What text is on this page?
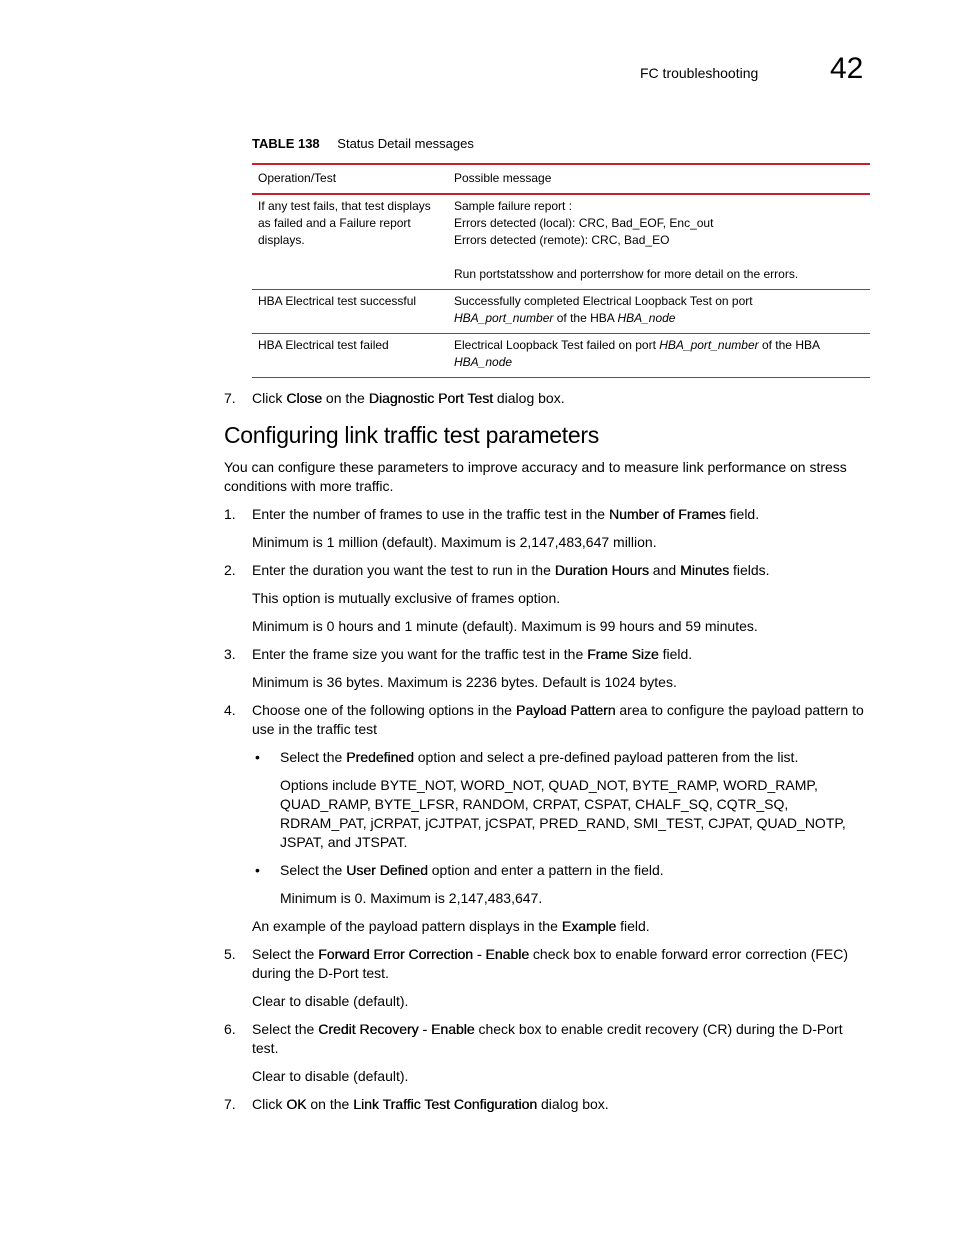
FC troubleshooting 42
TABLE 138 Status Detail messages
Operation/Test	Possible message
If any test fails, that test displays as failed and a Failure report displays.	Sample failure report :
Errors detected (local): CRC, Bad_EOF, Enc_out
Errors detected (remote): CRC, Bad_EO
Run portstatsshow and porterrshow for more detail on the errors.

HBA Electrical test successful	Successfully completed Electrical Loopback Test on port
HBA_port_number of the HBA HBA_node

HBA Electrical test failed	Electrical Loopback Test failed on port HBA_port_number of the HBA
HBA_node
7. Click Close on the Diagnostic Port Test dialog box.
Configuring link traffic test parameters
You can configure these parameters to improve accuracy and to measure link performance on stress conditions with more traffic.
1. Enter the number of frames to use in the traffic test in the Number of Frames field.
Minimum is 1 million (default). Maximum is 2,147,483,647 million.
2. Enter the duration you want the test to run in the Duration Hours and Minutes fields.
This option is mutually exclusive of frames option.
Minimum is 0 hours and 1 minute (default). Maximum is 99 hours and 59 minutes.
3. Enter the frame size you want for the traffic test in the Frame Size field.
Minimum is 36 bytes. Maximum is 2236 bytes. Default is 1024 bytes.
4. Choose one of the following options in the Payload Pattern area to configure the payload pattern to use in the traffic test
• Select the Predefined option and select a pre-defined payload patteren from the list.
Options include BYTE_NOT, WORD_NOT, QUAD_NOT, BYTE_RAMP, WORD_RAMP, QUAD_RAMP, BYTE_LFSR, RANDOM, CRPAT, CSPAT, CHALF_SQ, CQTR_SQ, RDRAM_PAT, jCRPAT, jCJTPAT, jCSPAT, PRED_RAND, SMI_TEST, CJPAT, QUAD_NOTP, JSPAT, and JTSPAT.
• Select the User Defined option and enter a pattern in the field.
Minimum is 0. Maximum is 2,147,483,647.
An example of the payload pattern displays in the Example field.
5. Select the Forward Error Correction - Enable check box to enable forward error correction (FEC) during the D-Port test.
Clear to disable (default).
6. Select the Credit Recovery - Enable check box to enable credit recovery (CR) during the D-Port test.
Clear to disable (default).
7. Click OK on the Link Traffic Test Configuration dialog box.
